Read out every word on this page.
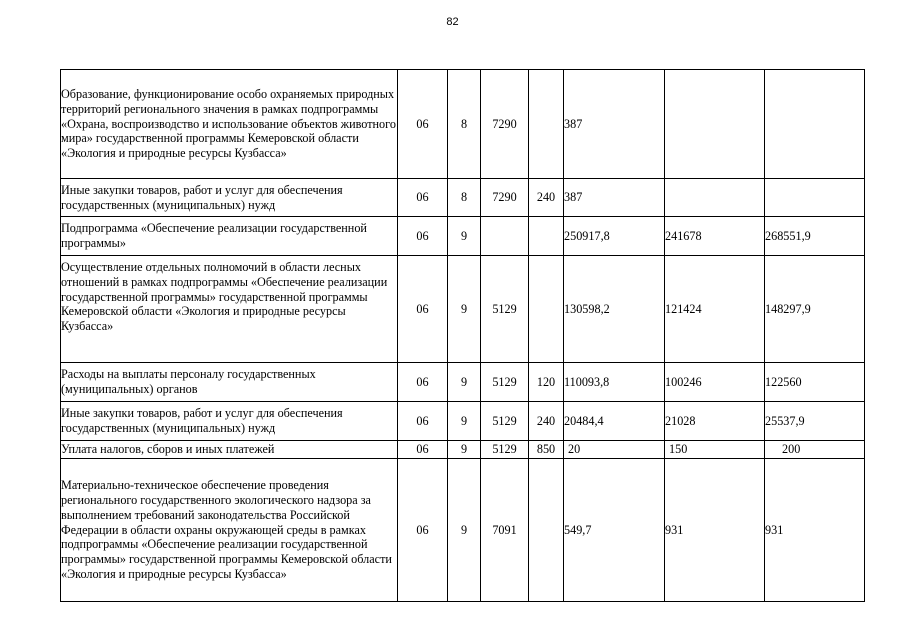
82
Образование, функционирование особо охраняемых природных территорий регионального значения в рамках подпрограммы «Охрана, воспроизводство и использование объектов животного мира» государственной программы Кемеровской области «Экология и природные ресурсы Кузбасса»	06	8	7290		387		
Иные закупки товаров, работ и услуг для обеспечения государственных (муниципальных) нужд	06	8	7290	240	387		
Подпрограмма «Обеспечение реализации государственной программы»	06	9			250917,8	241678	268551,9
Осуществление отдельных полномочий в области лесных отношений в рамках подпрограммы «Обеспечение реализации государственной программы» государственной программы Кемеровской области «Экология и природные ресурсы Кузбасса»	06	9	5129		130598,2	121424	148297,9
Расходы на выплаты персоналу государственных (муниципальных) органов	06	9	5129	120	110093,8	100246	122560
Иные закупки товаров, работ и услуг для обеспечения государственных (муниципальных) нужд	06	9	5129	240	20484,4	21028	25537,9
Уплата налогов, сборов и иных платежей	06	9	5129	850	20	150	200
Материально-техническое обеспечение проведения регионального государственного экологического надзора за выполнением требований законодательства Российской Федерации в области охраны окружающей среды в рамках подпрограммы «Обеспечение реализации государственной программы» государственной программы Кемеровской области «Экология и природные ресурсы Кузбасса»	06	9	7091		549,7	931	931
